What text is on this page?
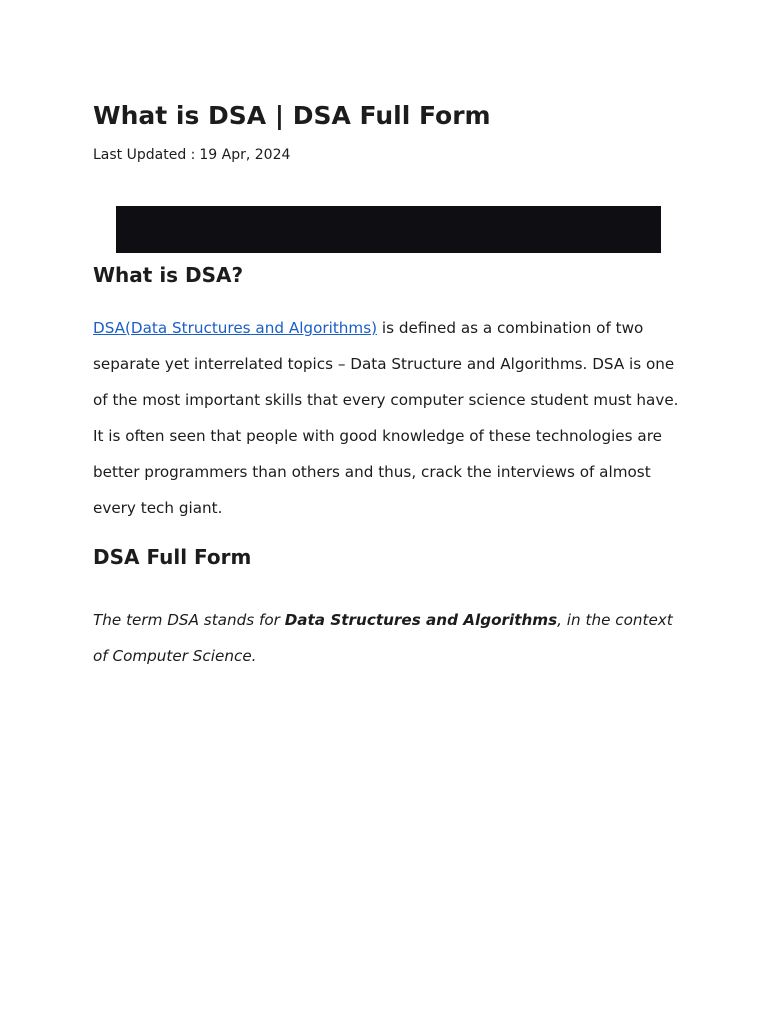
What is DSA | DSA Full Form
Last Updated : 19 Apr, 2024
What is DSA?

DSA(Data Structures and Algorithms) is defined as a combination of two separate yet interrelated topics – Data Structure and Algorithms. DSA is one of the most important skills that every computer science student must have. It is often seen that people with good knowledge of these technologies are better programmers than others and thus, crack the interviews of almost every tech giant.

DSA Full Form

The term DSA stands for Data Structures and Algorithms, in the context of Computer Science.
